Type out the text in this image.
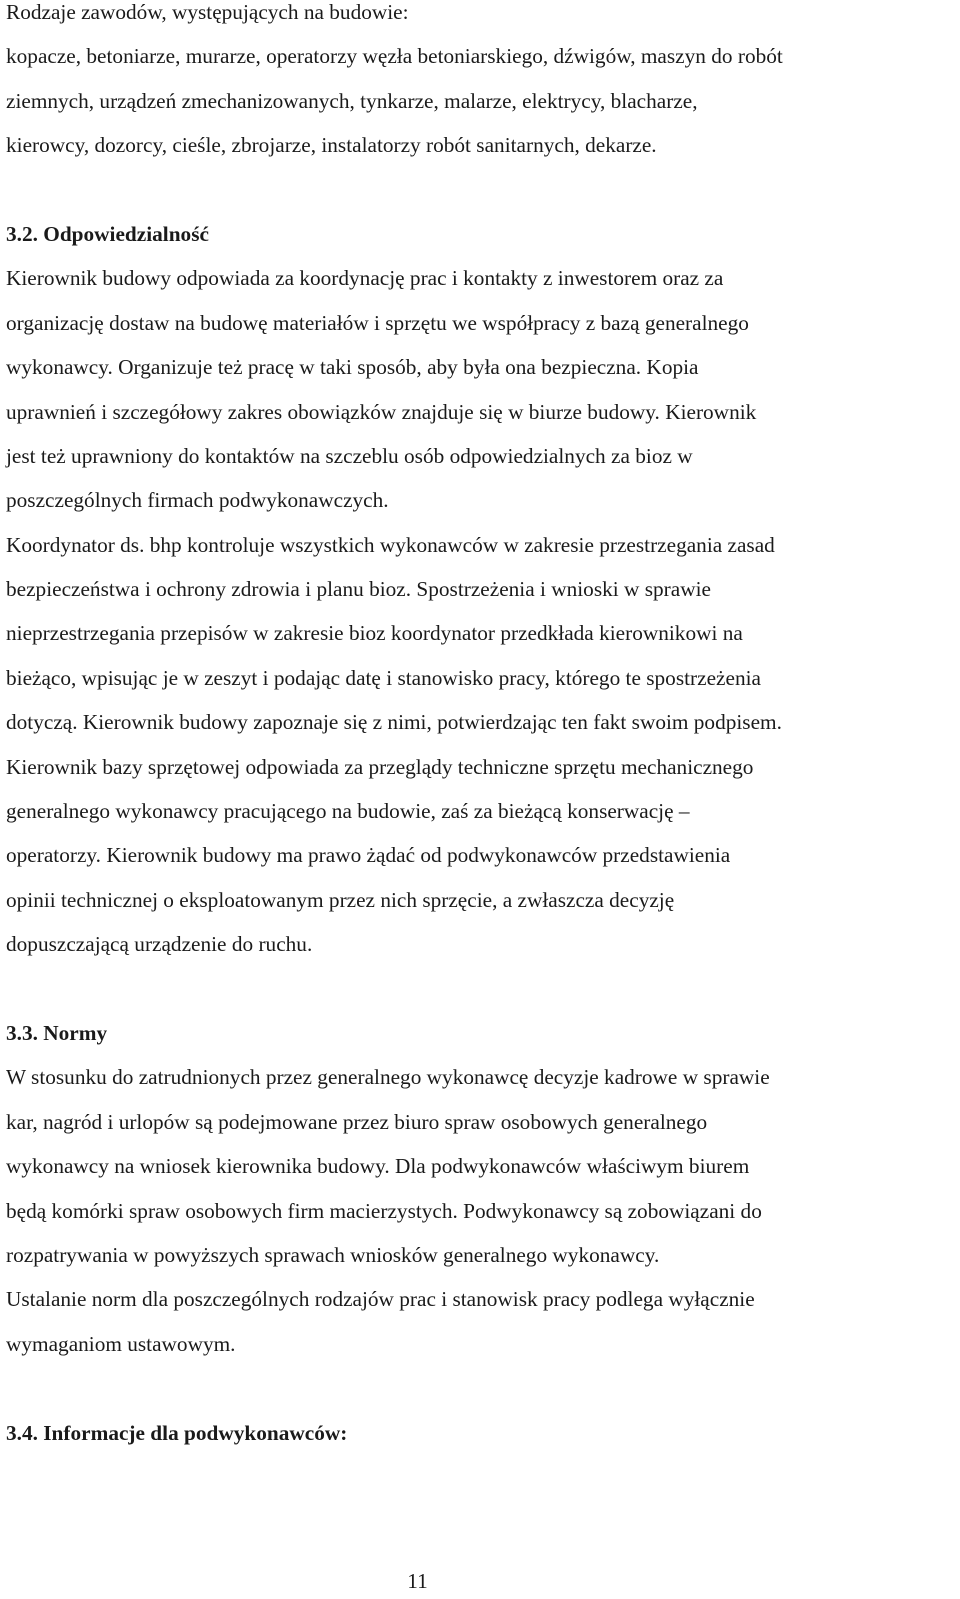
Rodzaje zawodów, występujących na budowie:
kopacze, betoniarze, murarze, operatorzy węzła betoniarskiego, dźwigów, maszyn do robót
ziemnych, urządzeń zmechanizowanych, tynkarze, malarze, elektrycy, blacharze,
kierowcy, dozorcy, cieśle, zbrojarze, instalatorzy robót sanitarnych, dekarze.
3.2. Odpowiedzialność
Kierownik budowy odpowiada za koordynację prac i kontakty z inwestorem oraz za
organizację dostaw na budowę materiałów i sprzętu we współpracy z bazą generalnego
wykonawcy. Organizuje też pracę w taki sposób, aby była ona bezpieczna. Kopia
uprawnień i szczegółowy zakres obowiązków znajduje się w biurze budowy. Kierownik
jest też uprawniony do kontaktów na szczeblu osób odpowiedzialnych za bioz w
poszczególnych firmach podwykonawczych.
Koordynator ds. bhp kontroluje wszystkich wykonawców w zakresie przestrzegania zasad
bezpieczeństwa i ochrony zdrowia i planu bioz. Spostrzeżenia i wnioski w sprawie
nieprzestrzegania przepisów w zakresie bioz koordynator przedkłada kierownikowi na
bieżąco, wpisując je w zeszyt i podając datę i stanowisko pracy, którego te spostrzeżenia
dotyczą. Kierownik budowy zapoznaje się z nimi, potwierdzając ten fakt swoim podpisem.
Kierownik bazy sprzętowej odpowiada za przeglądy techniczne sprzętu mechanicznego
generalnego wykonawcy pracującego na budowie, zaś za bieżącą konserwację –
operatorzy. Kierownik budowy ma prawo żądać od podwykonawców przedstawienia
opinii technicznej o eksploatowanym przez nich sprzęcie, a zwłaszcza decyzję
dopuszczającą urządzenie do ruchu.
3.3. Normy
W stosunku do zatrudnionych przez generalnego wykonawcę decyzje kadrowe w sprawie
kar, nagród i urlopów są podejmowane przez biuro spraw osobowych generalnego
wykonawcy na wniosek kierownika budowy. Dla podwykonawców właściwym biurem
będą komórki spraw osobowych firm macierzystych. Podwykonawcy są zobowiązani do
rozpatrywania w powyższych sprawach wniosków generalnego wykonawcy.
Ustalanie norm dla poszczególnych rodzajów prac i stanowisk pracy podlega wyłącznie
wymaganiom ustawowym.
3.4. Informacje dla podwykonawców:
11
